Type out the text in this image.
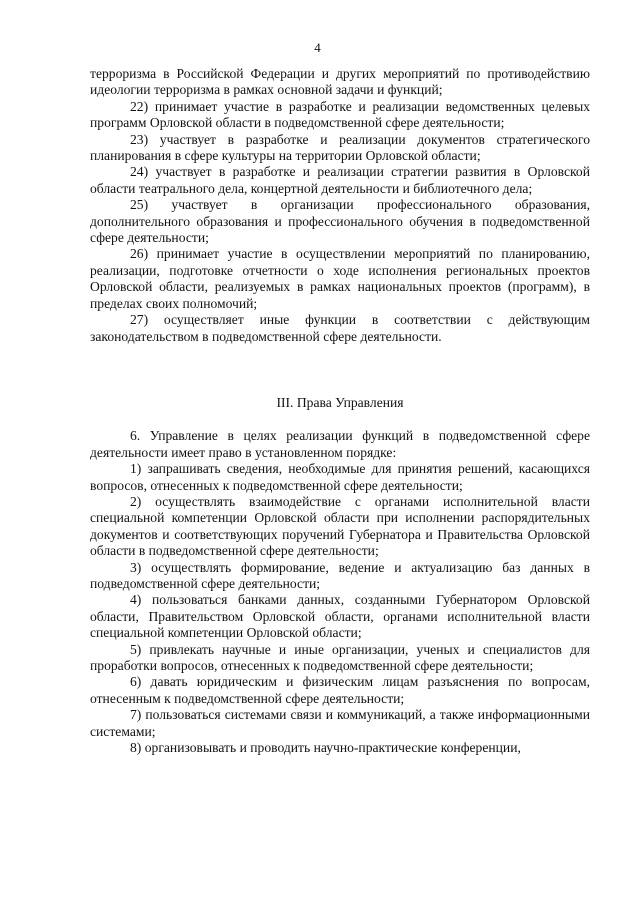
4

терроризма в Российской Федерации и других мероприятий по противодействию идеологии терроризма в рамках основной задачи и функций;

22) принимает участие в разработке и реализации ведомственных целевых программ Орловской области в подведомственной сфере деятельности;

23) участвует в разработке и реализации документов стратегического планирования в сфере культуры на территории Орловской области;

24) участвует в разработке и реализации стратегии развития в Орловской области театрального дела, концертной деятельности и библиотечного дела;

25) участвует в организации профессионального образования, дополнительного образования и профессионального обучения в подведомственной сфере деятельности;

26) принимает участие в осуществлении мероприятий по планированию, реализации, подготовке отчетности о ходе исполнения региональных проектов Орловской области, реализуемых в рамках национальных проектов (программ), в пределах своих полномочий;

27) осуществляет иные функции в соответствии с действующим законодательством в подведомственной сфере деятельности.

III. Права Управления

6. Управление в целях реализации функций в подведомственной сфере деятельности имеет право в установленном порядке:

1) запрашивать сведения, необходимые для принятия решений, касающихся вопросов, отнесенных к подведомственной сфере деятельности;

2) осуществлять взаимодействие с органами исполнительной власти специальной компетенции Орловской области при исполнении распорядительных документов и соответствующих поручений Губернатора и Правительства Орловской области в подведомственной сфере деятельности;

3) осуществлять формирование, ведение и актуализацию баз данных в подведомственной сфере деятельности;

4) пользоваться банками данных, созданными Губернатором Орловской области, Правительством Орловской области, органами исполнительной власти специальной компетенции Орловской области;

5) привлекать научные и иные организации, ученых и специалистов для проработки вопросов, отнесенных к подведомственной сфере деятельности;

6) давать юридическим и физическим лицам разъяснения по вопросам, отнесенным к подведомственной сфере деятельности;

7) пользоваться системами связи и коммуникаций, а также информационными системами;

8) организовывать и проводить научно-практические конференции,
